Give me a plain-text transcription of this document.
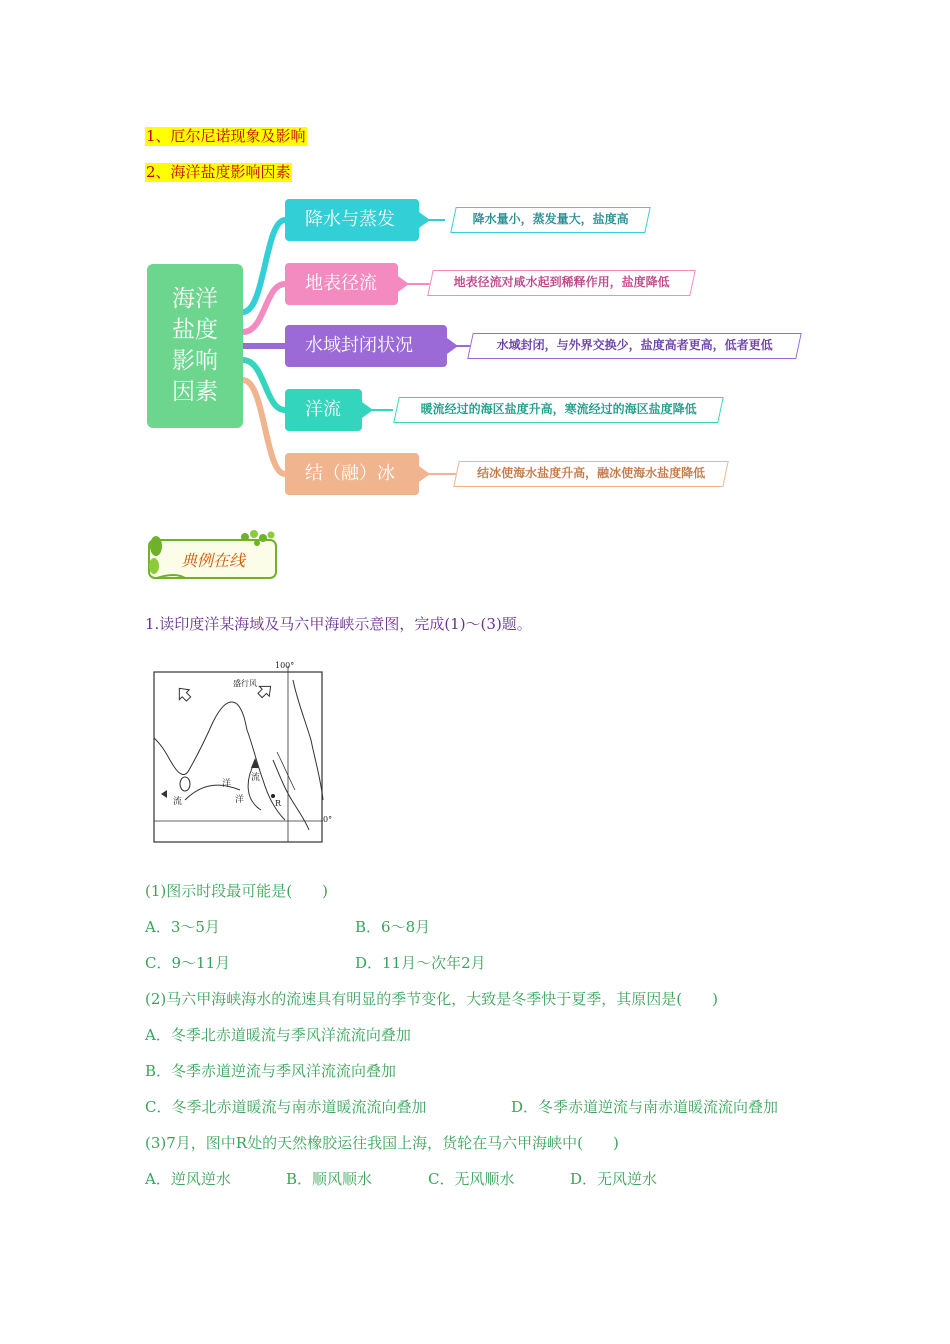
1、厄尔尼诺现象及影响
2、海洋盐度影响因素
海洋盐度影响因素
降水与蒸发	降水量小，蒸发量大，盐度高
地表径流	地表径流对咸水起到稀释作用，盐度降低
水域封闭状况	水域封闭，与外界交换少，盐度高者更高，低者更低
洋流	暖流经过的海区盐度升高，寒流经过的海区盐度降低
结（融）冰	结冰使海水盐度升高，融冰使海水盐度降低
典例在线
1.读印度洋某海域及马六甲海峡示意图，完成(1)～(3)题。
100°
0°
盛行风
洋
洋
流
流
R
(1)图示时段最可能是(　　)
A．3～5月	B．6～8月
C．9～11月	D．11月～次年2月
(2)马六甲海峡海水的流速具有明显的季节变化，大致是冬季快于夏季，其原因是(　　)
A．冬季北赤道暖流与季风洋流流向叠加
B．冬季赤道逆流与季风洋流流向叠加
C．冬季北赤道暖流与南赤道暖流流向叠加	D．冬季赤道逆流与南赤道暖流流向叠加
(3)7月，图中R处的天然橡胶运往我国上海，货轮在马六甲海峡中(　　)
A．逆风逆水	B．顺风顺水	C．无风顺水	D．无风逆水
